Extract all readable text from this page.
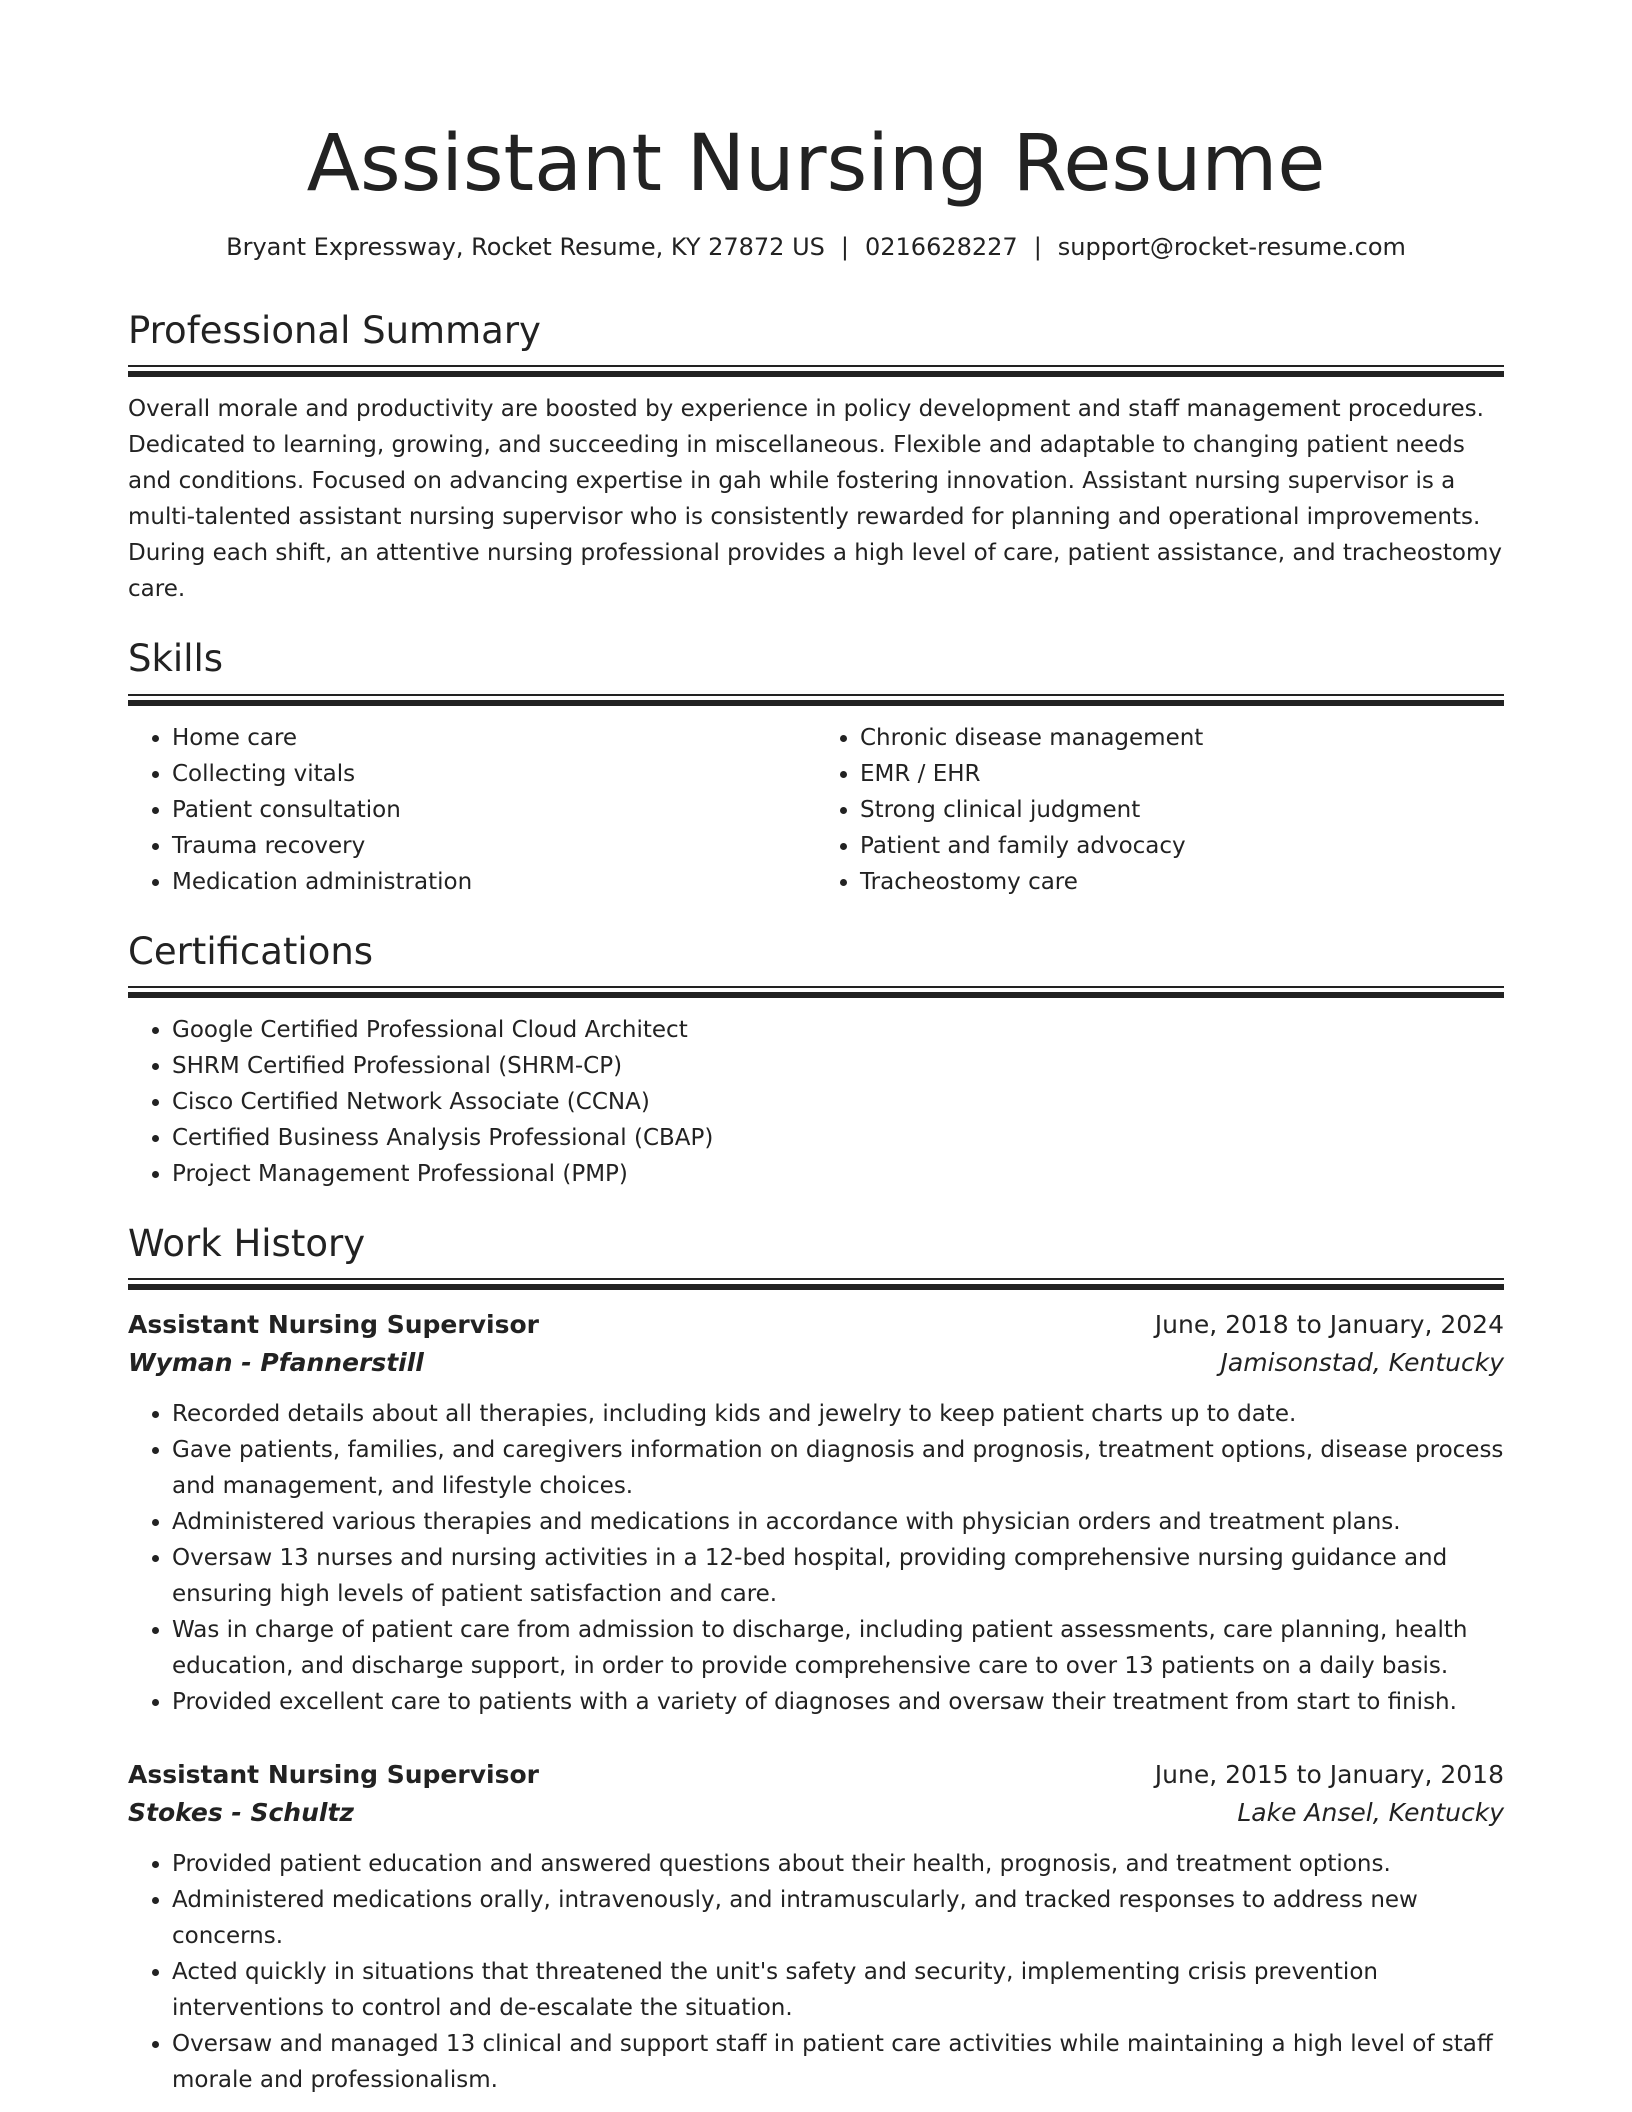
Assistant Nursing Resume
Bryant Expressway, Rocket Resume, KY 27872 US | 0216628227 | support@rocket-resume.com
Professional Summary
Overall morale and productivity are boosted by experience in policy development and staff management procedures. Dedicated to learning, growing, and succeeding in miscellaneous. Flexible and adaptable to changing patient needs and conditions. Focused on advancing expertise in gah while fostering innovation. Assistant nursing supervisor is a multi-talented assistant nursing supervisor who is consistently rewarded for planning and operational improvements. During each shift, an attentive nursing professional provides a high level of care, patient assistance, and tracheostomy care.
Skills
• Home care
• Collecting vitals
• Patient consultation
• Trauma recovery
• Medication administration
• Chronic disease management
• EMR / EHR
• Strong clinical judgment
• Patient and family advocacy
• Tracheostomy care
Certifications
• Google Certified Professional Cloud Architect
• SHRM Certified Professional (SHRM-CP)
• Cisco Certified Network Associate (CCNA)
• Certified Business Analysis Professional (CBAP)
• Project Management Professional (PMP)
Work History
Assistant Nursing Supervisor	June, 2018 to January, 2024
Wyman - Pfannerstill	Jamisonstad, Kentucky
• Recorded details about all therapies, including kids and jewelry to keep patient charts up to date.
• Gave patients, families, and caregivers information on diagnosis and prognosis, treatment options, disease process and management, and lifestyle choices.
• Administered various therapies and medications in accordance with physician orders and treatment plans.
• Oversaw 13 nurses and nursing activities in a 12-bed hospital, providing comprehensive nursing guidance and ensuring high levels of patient satisfaction and care.
• Was in charge of patient care from admission to discharge, including patient assessments, care planning, health education, and discharge support, in order to provide comprehensive care to over 13 patients on a daily basis.
• Provided excellent care to patients with a variety of diagnoses and oversaw their treatment from start to finish.
Assistant Nursing Supervisor	June, 2015 to January, 2018
Stokes - Schultz	Lake Ansel, Kentucky
• Provided patient education and answered questions about their health, prognosis, and treatment options.
• Administered medications orally, intravenously, and intramuscularly, and tracked responses to address new concerns.
• Acted quickly in situations that threatened the unit's safety and security, implementing crisis prevention interventions to control and de-escalate the situation.
• Oversaw and managed 13 clinical and support staff in patient care activities while maintaining a high level of staff morale and professionalism.
